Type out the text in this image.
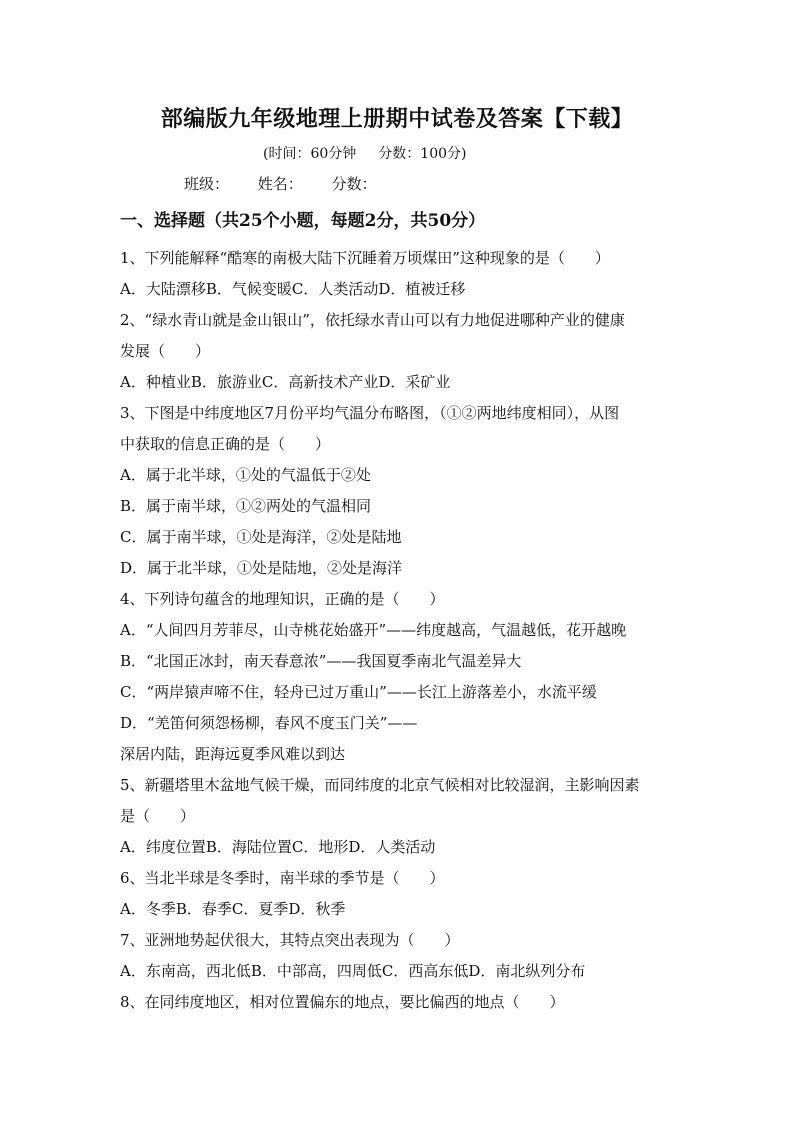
部编版九年级地理上册期中试卷及答案【下载】
(时间：60分钟 分数：100分)
班级： 姓名： 分数：
一、选择题（共25个小题，每题2分，共50分）
1、下列能解释“酷寒的南极大陆下沉睡着万顷煤田”这种现象的是（　　）
A．大陆漂移B．气候变暖C．人类活动D．植被迁移
2、“绿水青山就是金山银山”，依托绿水青山可以有力地促进哪种产业的健康
发展（　　）
A．种植业B．旅游业C．高新技术产业D．采矿业
3、下图是中纬度地区7月份平均气温分布略图，（①②两地纬度相同），从图
中获取的信息正确的是（　　）
A．属于北半球，①处的气温低于②处
B．属于南半球，①②两处的气温相同
C．属于南半球，①处是海洋，②处是陆地
D．属于北半球，①处是陆地，②处是海洋
4、下列诗句蕴含的地理知识，正确的是（　　）
A．“人间四月芳菲尽，山寺桃花始盛开”——纬度越高，气温越低，花开越晚
B．“北国正冰封，南天春意浓”——我国夏季南北气温差异大
C．“两岸猿声啼不住，轻舟已过万重山”——长江上游落差小，水流平缓
D．“羌笛何须怨杨柳，春风不度玉门关”——
深居内陆，距海远夏季风难以到达
5、新疆塔里木盆地气候干燥，而同纬度的北京气候相对比较湿润，主影响因素
是（　　）
A．纬度位置B．海陆位置C．地形D．人类活动
6、当北半球是冬季时，南半球的季节是（　　）
A．冬季B．春季C．夏季D．秋季
7、亚洲地势起伏很大，其特点突出表现为（　　）
A．东南高，西北低B．中部高，四周低C．西高东低D．南北纵列分布
8、在同纬度地区，相对位置偏东的地点，要比偏西的地点（　　）
